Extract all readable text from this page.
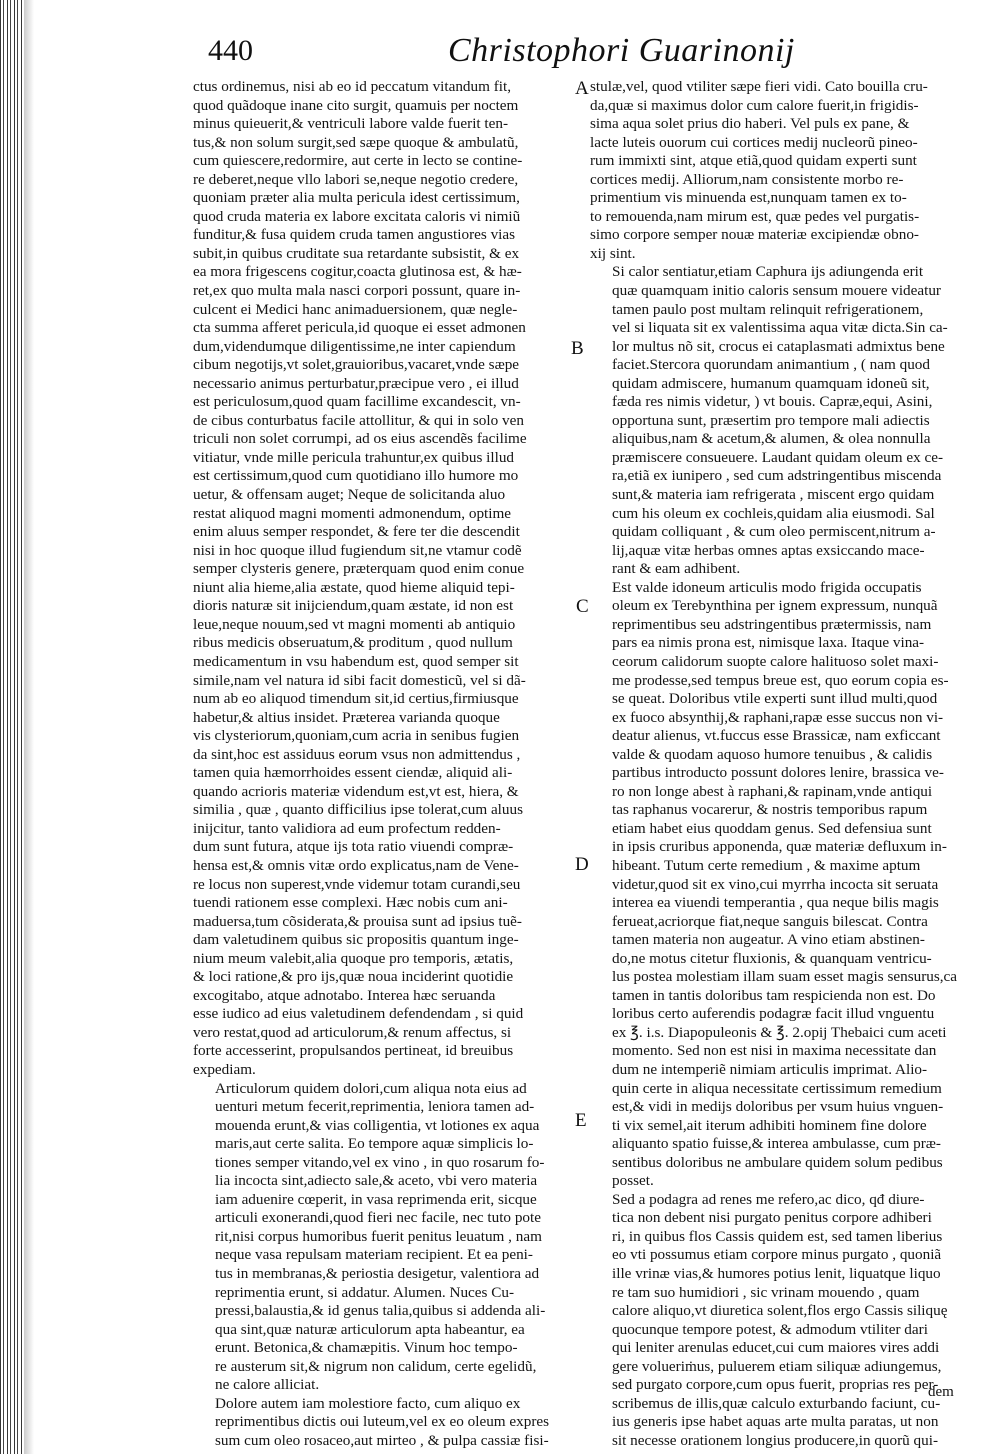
440	Christophori Guarinonij

ctus ordinemus, nisi ab eo id peccatum vitandum fit,
quod quãdoque inane cito surgit, quamuis per noctem
minus quieuerit,& ventriculi labore valde fuerit ten-
tus,& non solum surgit,sed sæpe quoque & ambulatũ,
cum quiescere,redormire, aut certe in lecto se contine-
re deberet,neque vllo labori se,neque negotio credere,
quoniam præter alia multa pericula idest certissimum,
quod cruda materia ex labore excitata caloris vi nimiũ
funditur,& fusa quidem cruda tamen angustiores vias
subit,in quibus cruditate sua retardante subsistit, & ex
ea mora frigescens cogitur,coacta glutinosa est, & hæ-
ret,ex quo multa mala nasci corpori possunt, quare in-
culcent ei Medici hanc animaduersionem, quæ negle-
cta summa afferet pericula,id quoque ei esset admonen
dum,videndumque diligentissime,ne inter capiendum
cibum negotijs,vt solet,grauioribus,vacaret,vnde sæpe
necessario animus perturbatur,præcipue vero , ei illud
est periculosum,quod quam facillime excandescit, vn-
de cibus conturbatus facile attollitur, & qui in solo ven
triculi non solet corrumpi, ad os eius ascendẽs facilime
vitiatur, vnde mille pericula trahuntur,ex quibus illud
est certissimum,quod cum quotidiano illo humore mo
uetur, & offensam auget; Neque de solicitanda aluo
restat aliquod magni momenti admonendum, optime
enim aluus semper respondet, & fere ter die descendit
nisi in hoc quoque illud fugiendum sit,ne vtamur codẽ
semper clysteris genere, præterquam quod enim conue
niunt alia hieme,alia æstate, quod hieme aliquid tepi-
dioris naturæ sit inijciendum,quam æstate, id non est
leue,neque nouum,sed vt magni momenti ab antiquio
ribus medicis obseruatum,& proditum , quod nullum
medicamentum in vsu habendum est, quod semper sit
simile,nam vel natura id sibi facit domesticũ, vel si dã-
num ab eo aliquod timendum sit,id certius,firmiusque
habetur,& altius insidet. Præterea varianda quoque
vis clysteriorum,quoniam,cum acria in senibus fugien
da sint,hoc est assiduus eorum vsus non admittendus ,
tamen quia hæmorrhoides essent ciendæ, aliquid ali-
quando acrioris materiæ videndum est,vt est, hiera, &
similia , quæ , quanto difficilius ipse tolerat,cum aluus
inijcitur, tanto validiora ad eum profectum redden-
dum sunt futura, atque ijs tota ratio viuendi compræ-
hensa est,& omnis vitæ ordo explicatus,nam de Vene-
re locus non superest,vnde videmur totam curandi,seu
tuendi rationem esse complexi. Hæc nobis cum ani-
maduersa,tum cõsiderata,& prouisa sunt ad ipsius tuẽ-
dam valetudinem quibus sic propositis quantum inge-
nium meum valebit,alia quoque pro temporis, ætatis,
& loci ratione,& pro ijs,quæ noua inciderint quotidie
excogitabo, atque adnotabo. Interea hæc seruanda
esse iudico ad eius valetudinem defendendam , si quid
vero restat,quod ad articulorum,& renum affectus, si
forte accesserint, propulsandos pertineat, id breuibus
expediam.

Articulorum quidem dolori,cum aliqua nota eius ad
uenturi metum fecerit,reprimentia, leniora tamen ad-
mouenda erunt,& vias colligentia, vt lotiones ex aqua
maris,aut certe salita. Eo tempore aquæ simplicis lo-
tiones semper vitando,vel ex vino , in quo rosarum fo-
lia incocta sint,adiecto sale,& aceto, vbi vero materia
iam aduenire cœperit, in vasa reprimenda erit, sicque
articuli exonerandi,quod fieri nec facile, nec tuto pote
rit,nisi corpus humoribus fuerit penitus leuatum , nam
neque vasa repulsam materiam recipient. Et ea peni-
tus in membranas,& periostia desigetur, valentiora ad
reprimentia erunt, si addatur. Alumen. Nuces Cu-
pressi,balaustia,& id genus talia,quibus si addenda ali-
qua sint,quæ naturæ articulorum apta habeantur, ea
erunt. Betonica,& chamæpitis. Vinum hoc tempo-
re austerum sit,& nigrum non calidum, certe egelidũ,
ne calore alliciat.

Dolore autem iam molestiore facto, cum aliquo ex
reprimentibus dictis oui luteum,vel ex eo oleum expres
sum cum oleo rosaceo,aut mirteo , & pulpa cassiæ fisi-

stulæ,vel, quod vtiliter sæpe fieri vidi. Cato bouilla cru-
da,quæ si maximus dolor cum calore fuerit,in frigidis-
sima aqua solet prius dio haberi. Vel puls ex pane, &
lacte luteis ouorum cui cortices medij nucleorũ pineo-
rum immixti sint, atque etiã,quod quidam experti sunt
cortices medij. Alliorum,nam consistente morbo re-
primentium vis minuenda est,nunquam tamen ex to-
to remouenda,nam mirum est, quæ pedes vel purgatis-
simo corpore semper nouæ materiæ excipiendæ obno-
xij sint.

Si calor sentiatur,etiam Caphura ijs adiungenda erit
quæ quamquam initio caloris sensum mouere videatur
tamen paulo post multam relinquit refrigerationem,
vel si liquata sit ex valentissima aqua vitæ dicta.Sin ca-
lor multus nõ sit, crocus ei cataplasmati admixtus bene
faciet.Stercora quorundam animantium , ( nam quod
quidam admiscere, humanum quamquam idoneũ sit,
fæda res nimis videtur, ) vt bouis. Capræ,equi, Asini,
opportuna sunt, præsertim pro tempore mali adiectis
aliquibus,nam & acetum,& alumen, & olea nonnulla
præmiscere consueuere. Laudant quidam oleum ex ce-
ra,etiã ex iunipero , sed cum adstringentibus miscenda
sunt,& materia iam refrigerata , miscent ergo quidam
cum his oleum ex cochleis,quidam alia eiusmodi. Sal
quidam colliquant , & cum oleo permiscent,nitrum a-
lij,aquæ vitæ herbas omnes aptas exsiccando mace-
rant & eam adhibent.

Est valde idoneum articulis modo frigida occupatis
oleum ex Terebynthina per ignem expressum, nunquã
reprimentibus seu adstringentibus prætermissis, nam
pars ea nimis prona est, nimisque laxa. Itaque vina-
ceorum calidorum suopte calore halituoso solet maxi-
me prodesse,sed tempus breue est, quo eorum copia es-
se queat. Doloribus vtile experti sunt illud multi,quod
ex fuoco absynthij,& raphani,rapæ esse succus non vi-
deatur alienus, vt.fuccus esse Brassicæ, nam exficcant
valde & quodam aquoso humore tenuibus , & calidis
partibus introducto possunt dolores lenire, brassica ve-
ro non longe abest à raphani,& rapinam,vnde antiqui
tas raphanus vocarerur, & nostris temporibus rapum
etiam habet eius quoddam genus. Sed defensiua sunt
in ipsis cruribus apponenda, quæ materiæ defluxum in-
hibeant. Tutum certe remedium , & maxime aptum
videtur,quod sit ex vino,cui myrrha incocta sit seruata
interea ea viuendi temperantia , qua neque bilis magis
ferueat,acriorque fiat,neque sanguis bilescat. Contra
tamen materia non augeatur. A vino etiam abstinen-
do,ne motus citetur fluxionis, & quanquam ventricu-
lus postea molestiam illam suam esset magis sensurus,ca
tamen in tantis doloribus tam respicienda non est. Do
loribus certo auferendis podagræ facit illud vnguentu
ex ℥. i.s. Diapopuleonis & ℥. 2.opij Thebaici cum aceti
momento. Sed non est nisi in maxima necessitate dan
dum ne intemperiẽ nimiam articulis imprimat. Alio-
quin certe in aliqua necessitate certissimum remedium
est,& vidi in medijs doloribus per vsum huius vnguen-
ti vix semel,ait iterum adhibiti hominem fine dolore
aliquanto spatio fuisse,& interea ambulasse, cum præ-
sentibus doloribus ne ambulare quidem solum pedibus
posset.

Sed a podagra ad renes me refero,ac dico, qđ diure-
tica non debent nisi purgato penitus corpore adhiberi
ri, in quibus flos Cassis quidem est, sed tamen liberius
eo vti possumus etiam corpore minus purgato , quoniã
ille vrinæ vias,& humores potius lenit, liquatque liquo
re tam suo humidiori , sic vrinam mouendo , quam
calore aliquo,vt diuretica solent,flos ergo Cassis siliquę
quocunque tempore potest, & admodum vtiliter dari
qui leniter arenulas educet,cui cum maiores vires addi
gere volueriṁus, puluerem etiam siliquæ adiungemus,
sed purgato corpore,cum opus fuerit, proprias res per-
scribemus de illis,quæ calculo exturbando faciunt, cu-
ius generis ipse habet aquas arte multa paratas, ut non
sit necesse orationem longius producere,in quorũ qui-

A
B
C
D
E
dem
